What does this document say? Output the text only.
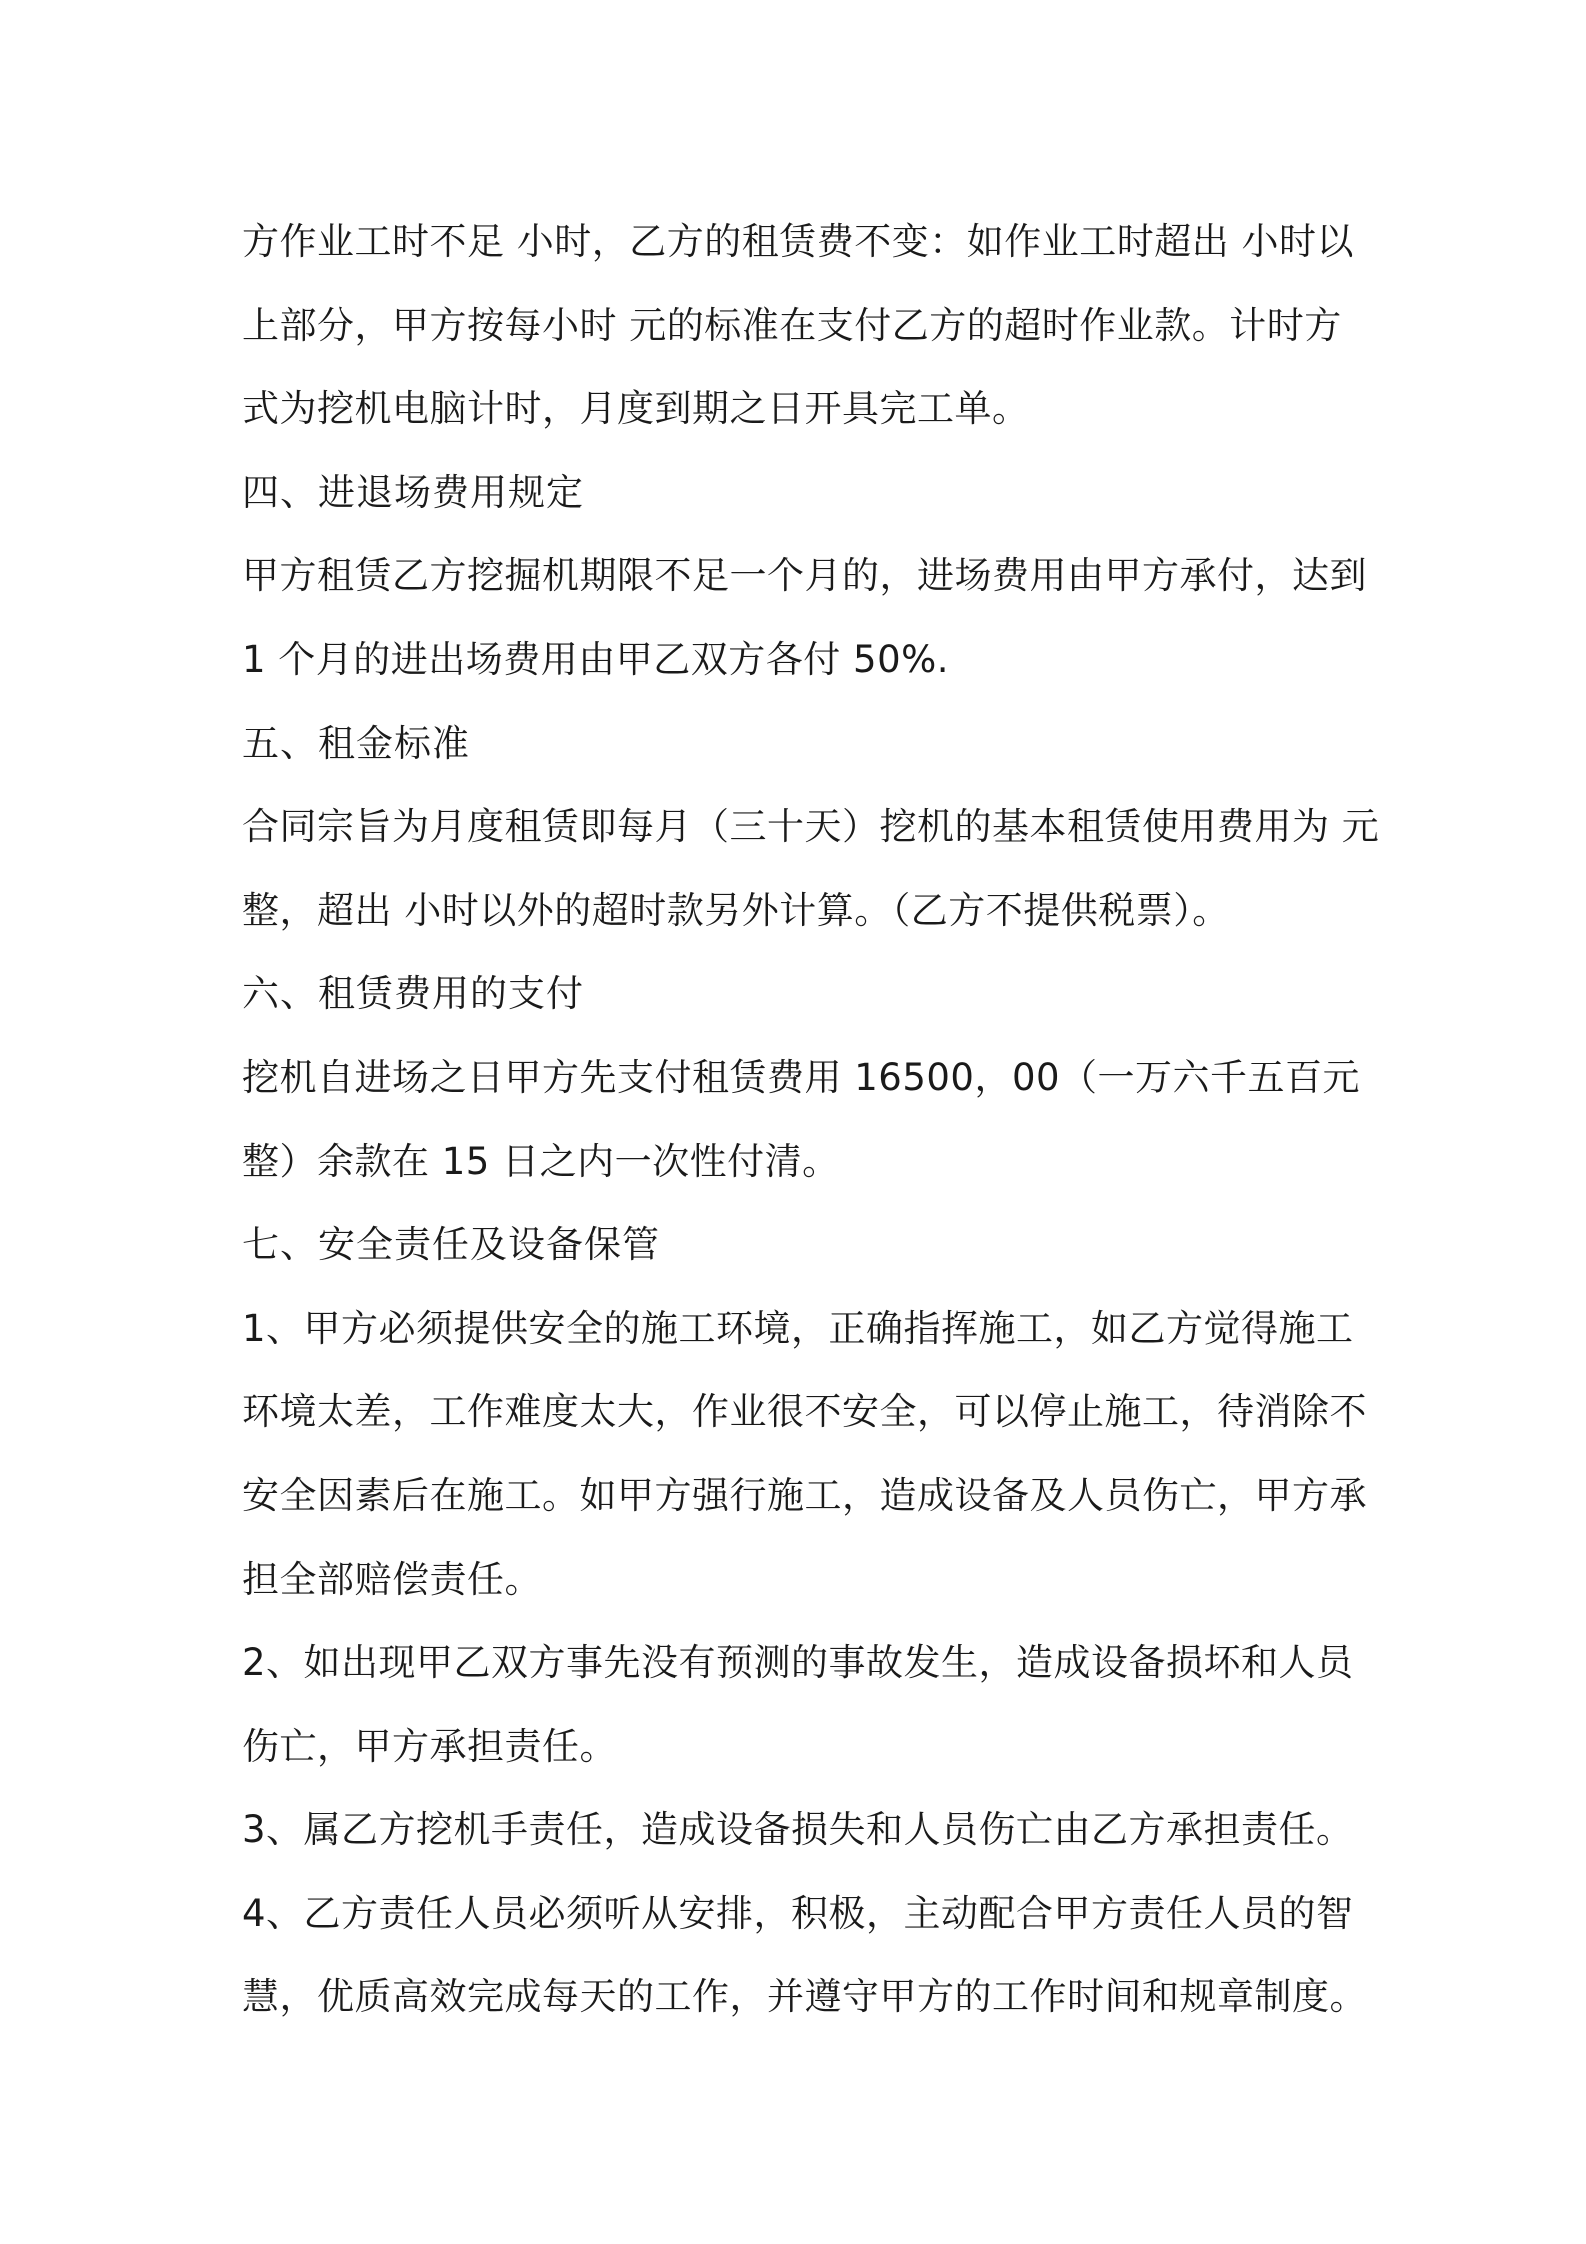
方作业工时不足 小时，乙方的租赁费不变：如作业工时超出 小时以
上部分，甲方按每小时 元的标准在支付乙方的超时作业款。计时方
式为挖机电脑计时，月度到期之日开具完工单。
四、进退场费用规定
甲方租赁乙方挖掘机期限不足一个月的，进场费用由甲方承付，达到
1 个月的进出场费用由甲乙双方各付 50%.
五、租金标准
合同宗旨为月度租赁即每月（三十天）挖机的基本租赁使用费用为 元
整，超出 小时以外的超时款另外计算。（乙方不提供税票）。
六、租赁费用的支付
挖机自进场之日甲方先支付租赁费用 16500，00（一万六千五百元
整）余款在 15 日之内一次性付清。
七、安全责任及设备保管
1、甲方必须提供安全的施工环境，正确指挥施工，如乙方觉得施工
环境太差，工作难度太大，作业很不安全，可以停止施工，待消除不
安全因素后在施工。如甲方强行施工，造成设备及人员伤亡，甲方承
担全部赔偿责任。
2、如出现甲乙双方事先没有预测的事故发生，造成设备损坏和人员
伤亡，甲方承担责任。
3、属乙方挖机手责任，造成设备损失和人员伤亡由乙方承担责任。
4、乙方责任人员必须听从安排，积极，主动配合甲方责任人员的智
慧，优质高效完成每天的工作，并遵守甲方的工作时间和规章制度。
